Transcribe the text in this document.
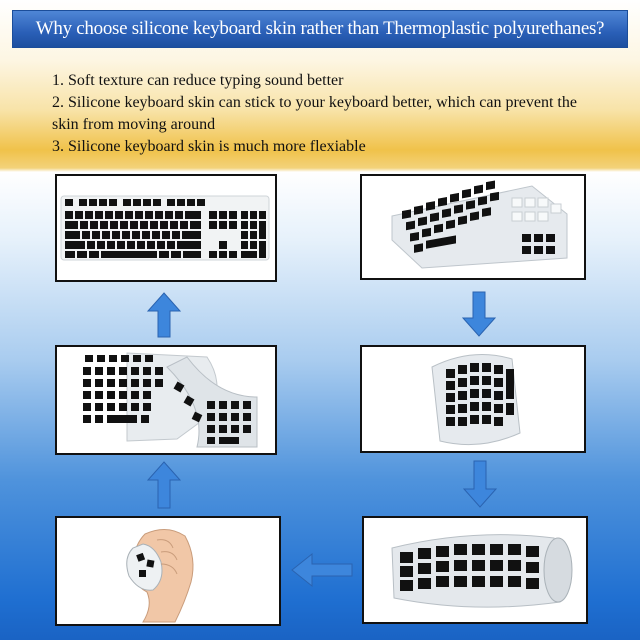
Why choose silicone keyboard skin rather than Thermoplastic polyurethanes?
1. Soft texture can reduce typing sound better
2. Silicone keyboard skin can stick to your keyboard better, which can prevent the
skin from moving around
3. Silicone keyboard skin is much more flexiable
